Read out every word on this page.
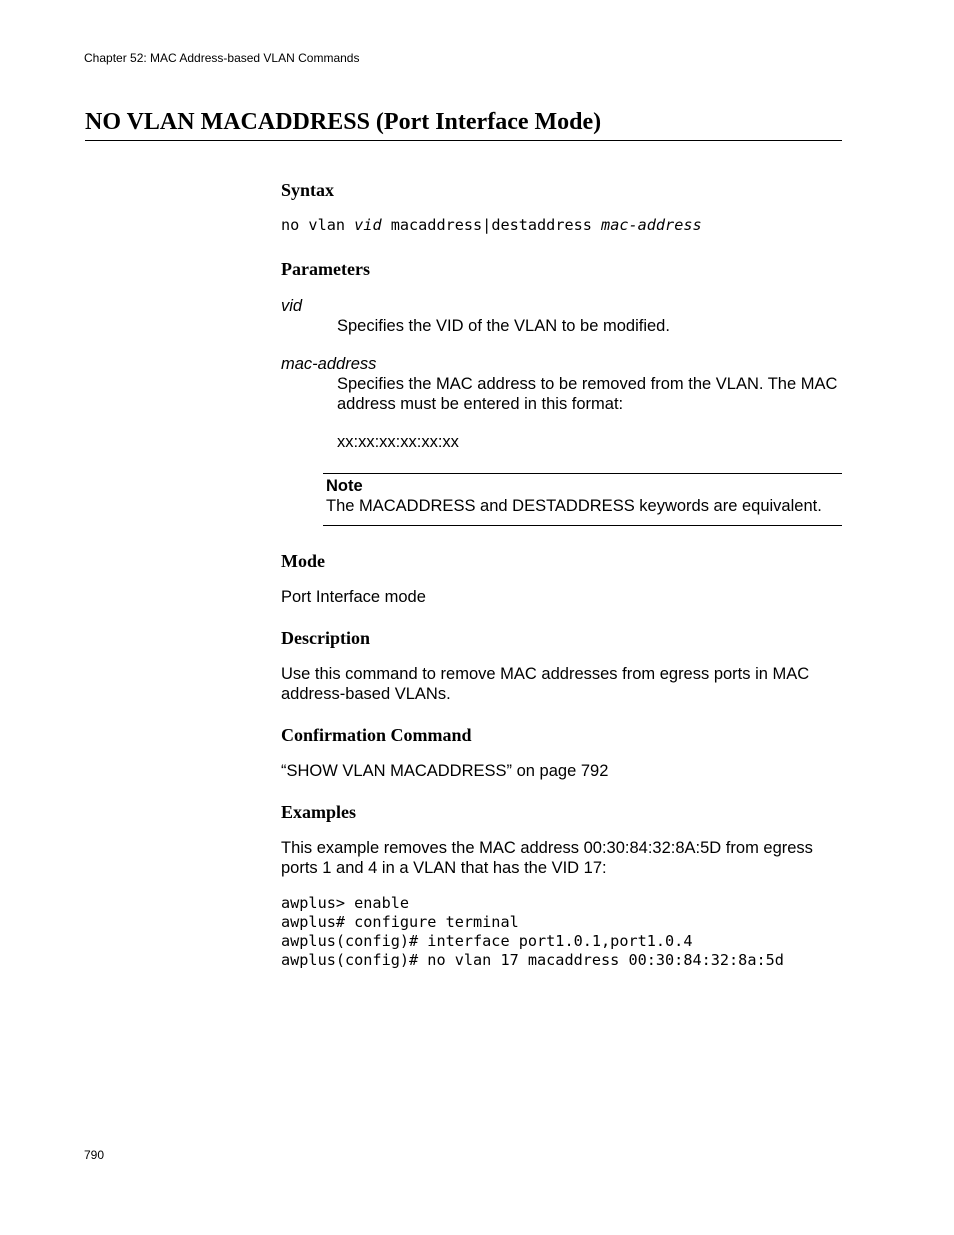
Chapter 52: MAC Address-based VLAN Commands
NO VLAN MACADDRESS (Port Interface Mode)
Syntax
no vlan vid macaddress|destaddress mac-address
Parameters
vid
Specifies the VID of the VLAN to be modified.
mac-address
Specifies the MAC address to be removed from the VLAN. The MAC address must be entered in this format:
xx:xx:xx:xx:xx:xx
Note
The MACADDRESS and DESTADDRESS keywords are equivalent.
Mode
Port Interface mode
Description
Use this command to remove MAC addresses from egress ports in MAC address-based VLANs.
Confirmation Command
“SHOW VLAN MACADDRESS” on page 792
Examples
This example removes the MAC address 00:30:84:32:8A:5D from egress ports 1 and 4 in a VLAN that has the VID 17:
awplus> enable
awplus# configure terminal
awplus(config)# interface port1.0.1,port1.0.4
awplus(config)# no vlan 17 macaddress 00:30:84:32:8a:5d
790
